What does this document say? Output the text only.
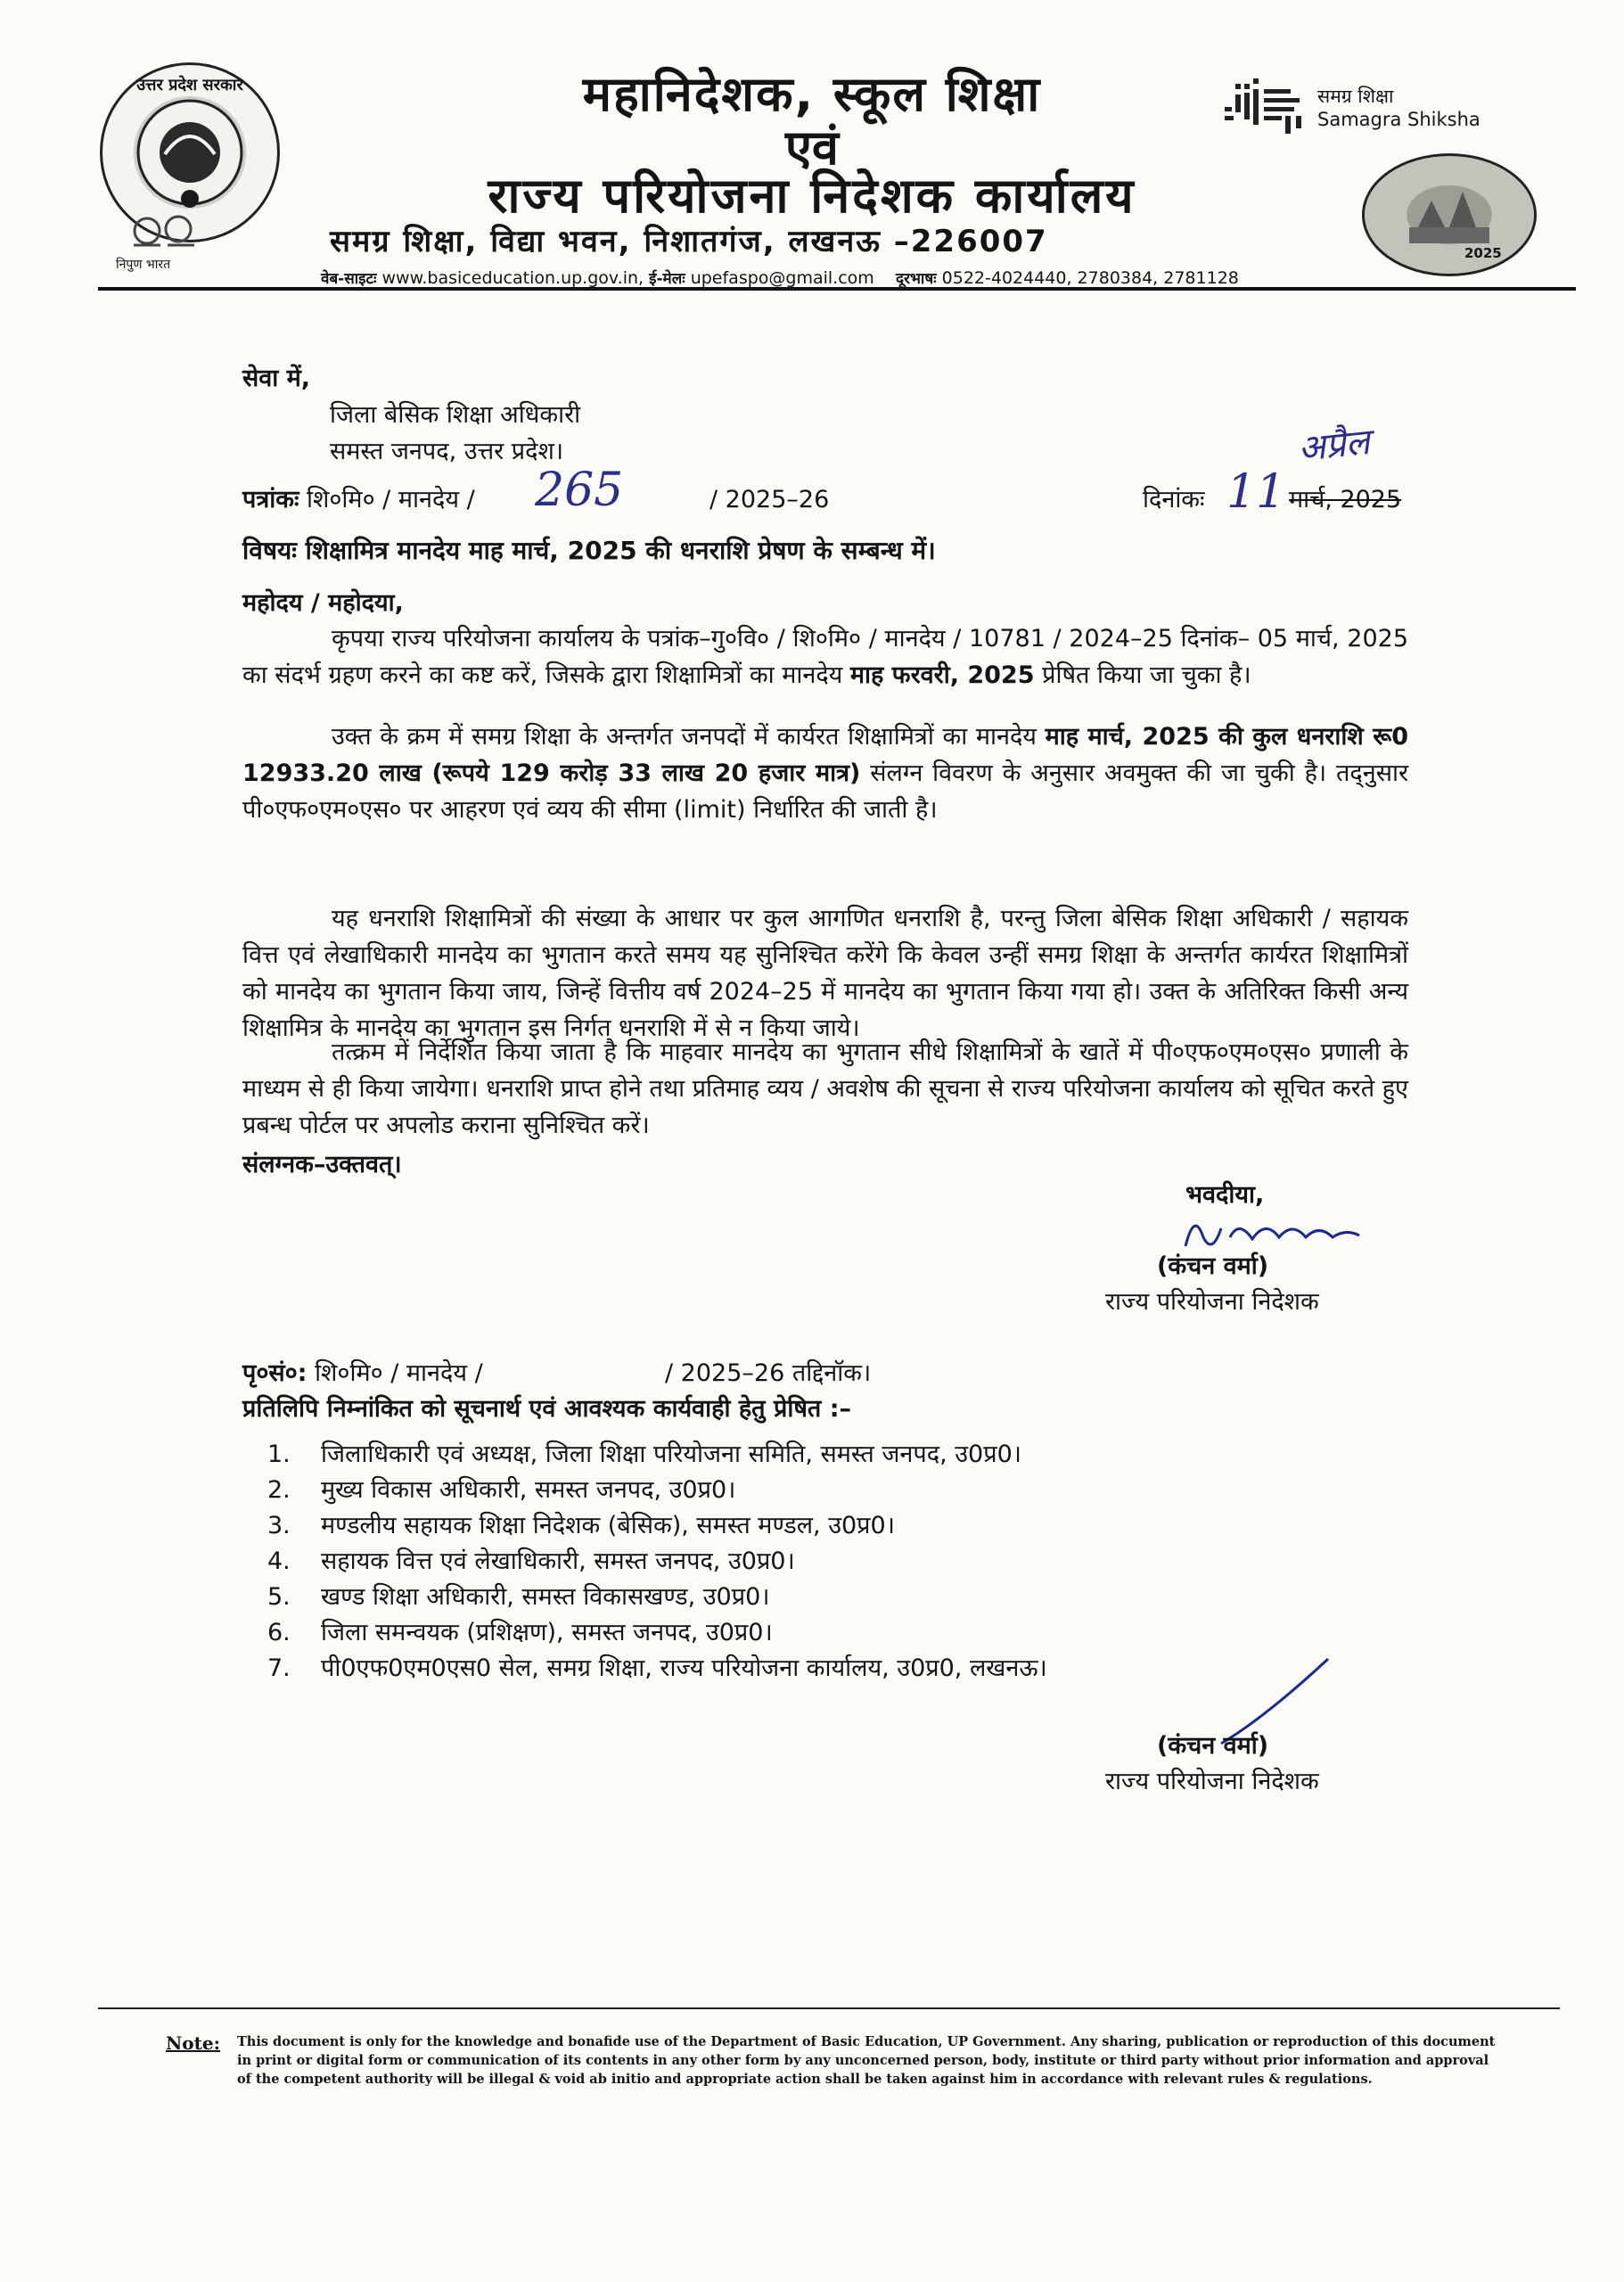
उत्तर प्रदेश सरकार
निपुण भारत
महानिदेशक, स्कूल शिक्षा
एवं
राज्य परियोजना निदेशक कार्यालय
समग्र शिक्षा, विद्या भवन, निशातगंज, लखनऊ –226007
वेब-साइटः www.basiceducation.up.gov.in, ई-मेलः upefaspo@gmail.com दूरभाषः 0522-4024440, 2780384, 2781128
समग्र शिक्षा
Samagra Shiksha
2025
सेवा में,
जिला बेसिक शिक्षा अधिकारी
समस्त जनपद, उत्तर प्रदेश।
पत्रांकः शि०मि० / मानदेय / 265	/ 2025–26	दिनांकः 11 मार्च, 2025
अप्रैल
विषयः शिक्षामित्र मानदेय माह मार्च, 2025 की धनराशि प्रेषण के सम्बन्ध में।
महोदय / महोदया,
कृपया राज्य परियोजना कार्यालय के पत्रांक–गु०वि० / शि०मि० / मानदेय / 10781 / 2024–25 दिनांक– 05 मार्च, 2025 का संदर्भ ग्रहण करने का कष्ट करें, जिसके द्वारा शिक्षामित्रों का मानदेय माह फरवरी, 2025 प्रेषित किया जा चुका है।
उक्त के क्रम में समग्र शिक्षा के अन्तर्गत जनपदों में कार्यरत शिक्षामित्रों का मानदेय माह मार्च, 2025 की कुल धनराशि रू0 12933.20 लाख (रूपये 129 करोड़ 33 लाख 20 हजार मात्र) संलग्न विवरण के अनुसार अवमुक्त की जा चुकी है। तद्नुसार पी०एफ०एम०एस० पर आहरण एवं व्यय की सीमा (limit) निर्धारित की जाती है।
यह धनराशि शिक्षामित्रों की संख्या के आधार पर कुल आगणित धनराशि है, परन्तु जिला बेसिक शिक्षा अधिकारी / सहायक वित्त एवं लेखाधिकारी मानदेय का भुगतान करते समय यह सुनिश्चित करेंगे कि केवल उन्हीं समग्र शिक्षा के अन्तर्गत कार्यरत शिक्षामित्रों को मानदेय का भुगतान किया जाय, जिन्हें वित्तीय वर्ष 2024–25 में मानदेय का भुगतान किया गया हो। उक्त के अतिरिक्त किसी अन्य शिक्षामित्र के मानदेय का भुगतान इस निर्गत धनराशि में से न किया जाये।
तत्क्रम में निर्देशित किया जाता है कि माहवार मानदेय का भुगतान सीधे शिक्षामित्रों के खातें में पी०एफ०एम०एस० प्रणाली के माध्यम से ही किया जायेगा। धनराशि प्राप्त होने तथा प्रतिमाह व्यय / अवशेष की सूचना से राज्य परियोजना कार्यालय को सूचित करते हुए प्रबन्ध पोर्टल पर अपलोड कराना सुनिश्चित करें।
संलग्नक–उक्तवत्।
भवदीया,
(कंचन वर्मा)
राज्य परियोजना निदेशक
पृ०सं०: शि०मि० / मानदेय /	/ 2025–26 तद्दिनॉक।
प्रतिलिपि निम्नांकित को सूचनार्थ एवं आवश्यक कार्यवाही हेतु प्रेषित :–
1. जिलाधिकारी एवं अध्यक्ष, जिला शिक्षा परियोजना समिति, समस्त जनपद, उ0प्र0।
2. मुख्य विकास अधिकारी, समस्त जनपद, उ0प्र0।
3. मण्डलीय सहायक शिक्षा निदेशक (बेसिक), समस्त मण्डल, उ0प्र0।
4. सहायक वित्त एवं लेखाधिकारी, समस्त जनपद, उ0प्र0।
5. खण्ड शिक्षा अधिकारी, समस्त विकासखण्ड, उ0प्र0।
6. जिला समन्वयक (प्रशिक्षण), समस्त जनपद, उ0प्र0।
7. पी0एफ0एम0एस0 सेल, समग्र शिक्षा, राज्य परियोजना कार्यालय, उ0प्र0, लखनऊ।
(कंचन वर्मा)
राज्य परियोजना निदेशक
Note: This document is only for the knowledge and bonafide use of the Department of Basic Education, UP Government. Any sharing, publication or reproduction of this document in print or digital form or communication of its contents in any other form by any unconcerned person, body, institute or third party without prior information and approval of the competent authority will be illegal & void ab initio and appropriate action shall be taken against him in accordance with relevant rules & regulations.
